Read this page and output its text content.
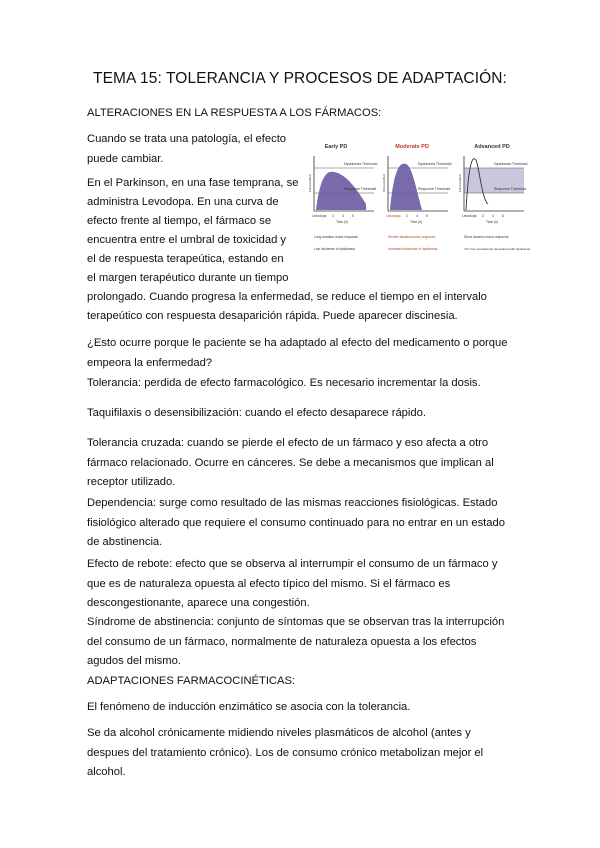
TEMA 15: TOLERANCIA Y PROCESOS DE ADAPTACIÓN:

ALTERACIONES EN LA RESPUESTA A LOS FÁRMACOS:

Cuando se trata una patología, el efecto puede cambiar.

En el Parkinson, en una fase temprana, se

administra Levodopa. En una curva de

efecto frente al tiempo, el fármaco se

encuentra entre el umbral de toxicidad y

el de respuesta terapeútica, estando en

el margen terapéutico durante un tiempo

prolongado. Cuando progresa la enfermedad, se reduce el tiempo en el intervalo

terapeútico con respuesta desaparición rápida. Puede aparecer discinesia.

¿Esto ocurre porque le paciente se ha adaptado al efecto del medicamento o porque empeora la enfermedad?

Tolerancia: perdida de efecto farmacológico. Es necesario incrementar la dosis.

Taquifilaxis o desensibilización: cuando el efecto desaparece rápido.

Tolerancia cruzada: cuando se pierde el efecto de un fármaco y eso afecta a otro fármaco relacionado. Ocurre en cánceres. Se debe a mecanismos que implican al receptor utilizado.

Dependencia: surge como resultado de las mismas reacciones fisiológicas. Estado fisiológico alterado que requiere el consumo continuado para no entrar en un estado de abstinencia.

Efecto de rebote: efecto que se observa al interrumpir el consumo de un fármaco y que es de naturaleza opuesta al efecto típico del mismo. Si el fármaco es descongestionante, aparece una congestión.

Síndrome de abstinencia: conjunto de síntomas que se observan tras la interrupción del consumo de un fármaco, normalmente de naturaleza opuesta a los efectos agudos del mismo.

ADAPTACIONES FARMACOCINÉTICAS:

El fenómeno de inducción enzimático se asocia con la tolerancia.

Se da alcohol crónicamente midiendo niveles plasmáticos de alcohol (antes y despues del tratamiento crónico). Los de consumo crónico metabolizan mejor el alcohol.

Early PD
Dyskinesia Threshold
Response Threshold
Clinical Effect
Levodopa 2 4 6
Time (h)
Long duration motor response
Low incidence of dyskinesia
Moderate PD
Dyskinesia Threshold
Response Threshold
Clinical Effect
Levodopa 2 4 6
Time (h)
Shorter duration motor response
Increased incidence of dyskinesia
Advanced PD
Dyskinesia Threshold
Response Threshold
Clinical Effect
Levodopa 2 4 6
Time (h)
Short duration motor response
'On' time consistently associated with dyskinesia
